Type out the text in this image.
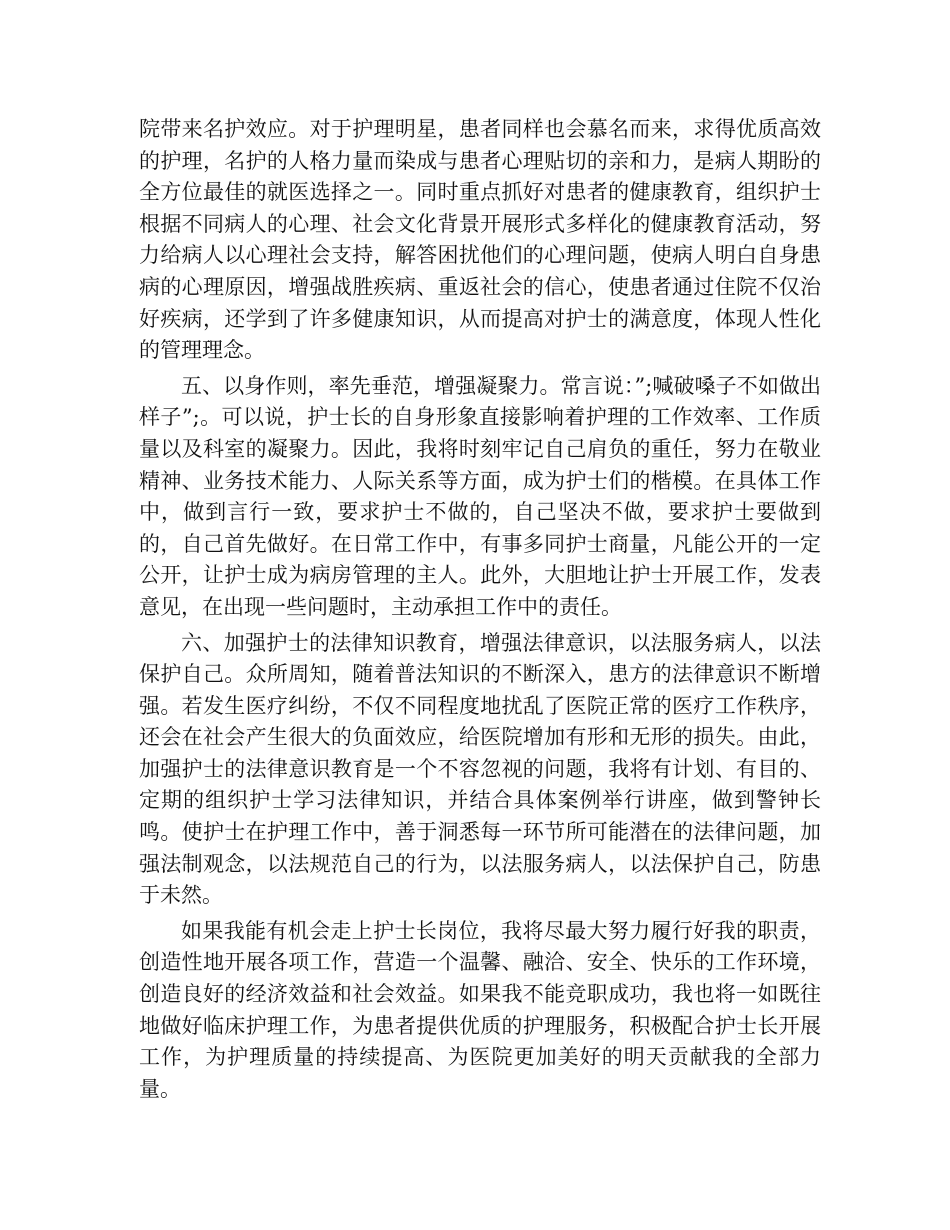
院带来名护效应。对于护理明星，患者同样也会慕名而来，求得优质高效的护理，名护的人格力量而染成与患者心理贴切的亲和力，是病人期盼的全方位最佳的就医选择之一。同时重点抓好对患者的健康教育，组织护士根据不同病人的心理、社会文化背景开展形式多样化的健康教育活动，努力给病人以心理社会支持，解答困扰他们的心理问题，使病人明白自身患病的心理原因，增强战胜疾病、重返社会的信心，使患者通过住院不仅治好疾病，还学到了许多健康知识，从而提高对护士的满意度，体现人性化的管理理念。

五、以身作则，率先垂范，增强凝聚力。常言说：”;喊破嗓子不如做出样子”;。可以说，护士长的自身形象直接影响着护理的工作效率、工作质量以及科室的凝聚力。因此，我将时刻牢记自己肩负的重任，努力在敬业精神、业务技术能力、人际关系等方面，成为护士们的楷模。在具体工作中，做到言行一致，要求护士不做的，自己坚决不做，要求护士要做到的，自己首先做好。在日常工作中，有事多同护士商量，凡能公开的一定公开，让护士成为病房管理的主人。此外，大胆地让护士开展工作，发表意见，在出现一些问题时，主动承担工作中的责任。

六、加强护士的法律知识教育，增强法律意识，以法服务病人，以法保护自己。众所周知，随着普法知识的不断深入，患方的法律意识不断增强。若发生医疗纠纷，不仅不同程度地扰乱了医院正常的医疗工作秩序，还会在社会产生很大的负面效应，给医院增加有形和无形的损失。由此，加强护士的法律意识教育是一个不容忽视的问题，我将有计划、有目的、定期的组织护士学习法律知识，并结合具体案例举行讲座，做到警钟长鸣。使护士在护理工作中，善于洞悉每一环节所可能潜在的法律问题，加强法制观念，以法规范自己的行为，以法服务病人，以法保护自己，防患于未然。

如果我能有机会走上护士长岗位，我将尽最大努力履行好我的职责，创造性地开展各项工作，营造一个温馨、融洽、安全、快乐的工作环境，创造良好的经济效益和社会效益。如果我不能竞职成功，我也将一如既往地做好临床护理工作，为患者提供优质的护理服务，积极配合护士长开展工作，为护理质量的持续提高、为医院更加美好的明天贡献我的全部力量。
